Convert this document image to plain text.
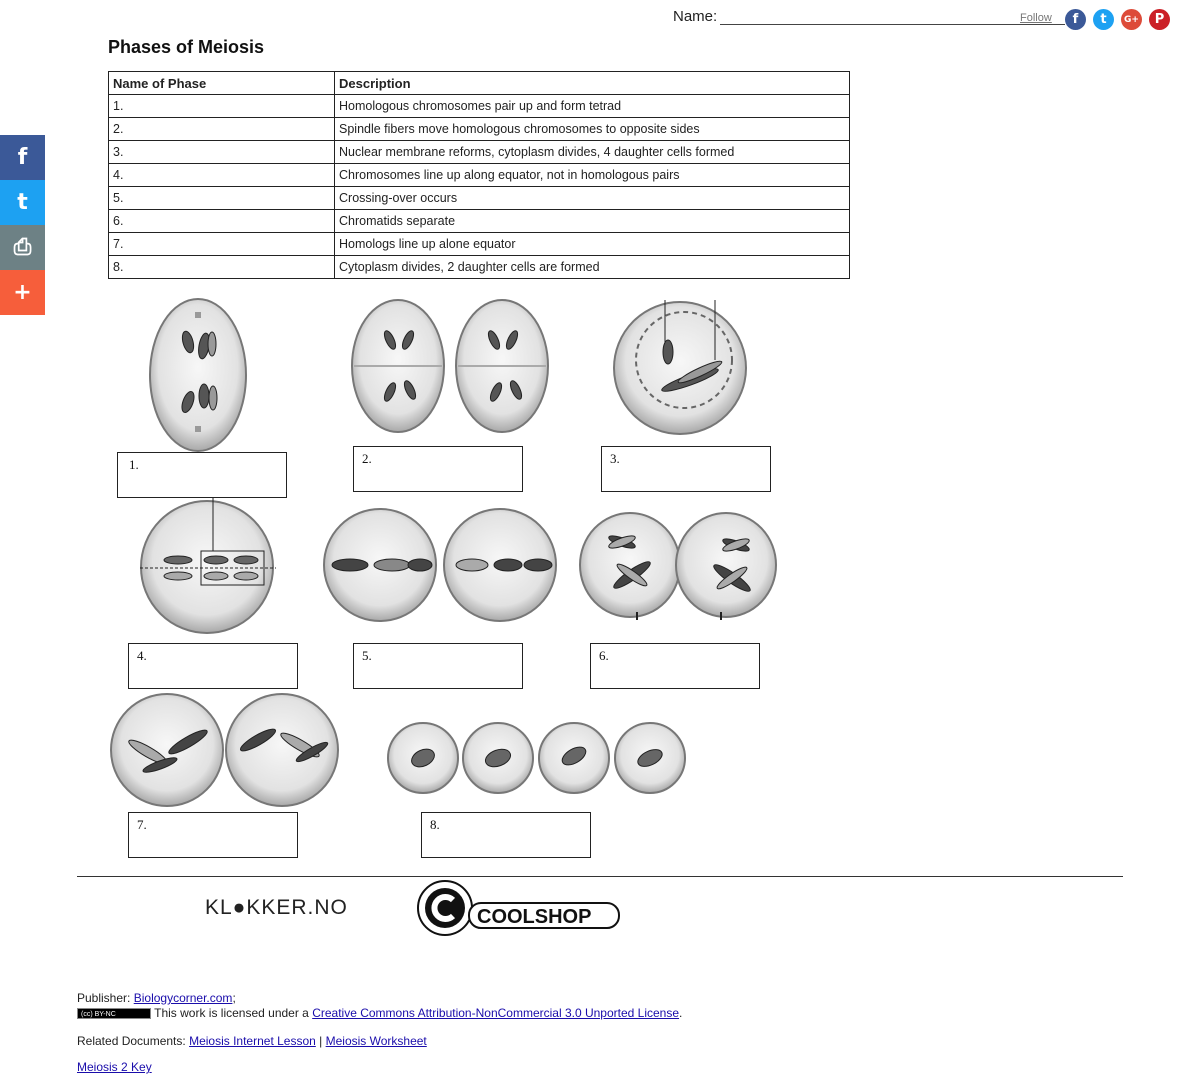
Name:	Follow f t G+ P
f
t
⎙
+
Phases of Meiosis
Name of Phase	Description
1.	Homologous chromosomes pair up and form tetrad
2.	Spindle fibers move homologous chromosomes to opposite sides
3.	Nuclear membrane reforms, cytoplasm divides, 4 daughter cells formed
4.	Chromosomes line up along equator, not in homologous pairs
5.	Crossing-over occurs
6.	Chromatids separate
7.	Homologs line up alone equator
8.	Cytoplasm divides, 2 daughter cells are formed
1.	2.	3.
4.	5.	6.
7.	8.
KL●KKER.NO	COOLSHOP
Publisher: Biologycorner.com;
(cc) BY-NC	This work is licensed under a Creative Commons Attribution-NonCommercial 3.0 Unported License.
Related Documents: Meiosis Internet Lesson | Meiosis Worksheet
Meiosis 2 Key
